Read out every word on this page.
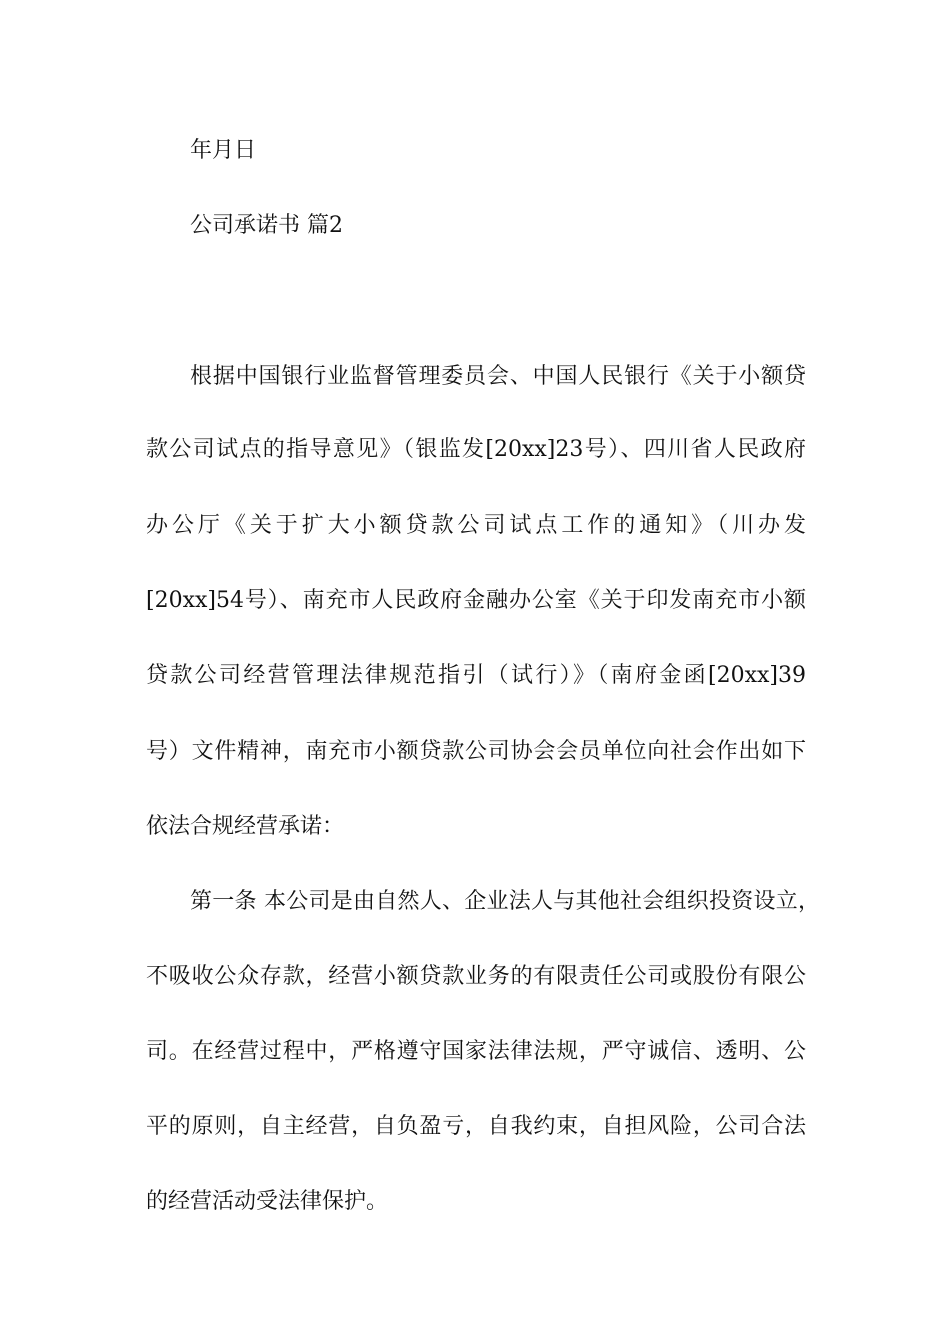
年月日
公司承诺书 篇2
根据中国银行业监督管理委员会、中国人民银行《关于小额贷
款公司试点的指导意见》（银监发[20xx]23号）、四川省人民政府
办公厅《关于扩大小额贷款公司试点工作的通知》（川办发
[20xx]54号）、南充市人民政府金融办公室《关于印发南充市小额
贷款公司经营管理法律规范指引（试行）》（南府金函[20xx]39
号）文件精神，南充市小额贷款公司协会会员单位向社会作出如下
依法合规经营承诺：
第一条 本公司是由自然人、企业法人与其他社会组织投资设立，
不吸收公众存款，经营小额贷款业务的有限责任公司或股份有限公
司。在经营过程中，严格遵守国家法律法规，严守诚信、透明、公
平的原则，自主经营，自负盈亏，自我约束，自担风险，公司合法
的经营活动受法律保护。
